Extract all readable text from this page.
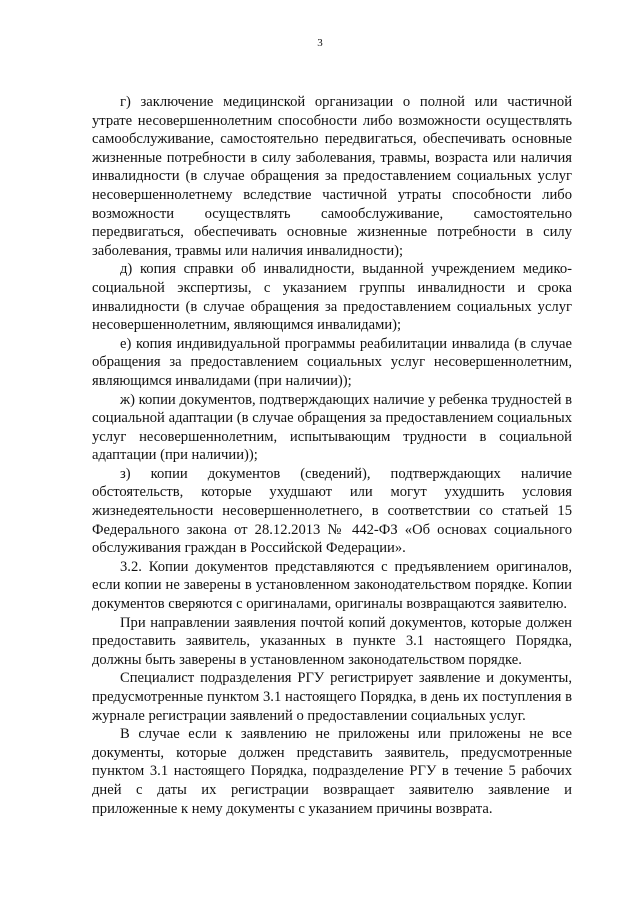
3

г) заключение медицинской организации о полной или частичной утрате несовершеннолетним способности либо возможности осуществлять самообслуживание, самостоятельно передвигаться, обеспечивать основные жизненные потребности в силу заболевания, травмы, возраста или наличия инвалидности (в случае обращения за предоставлением социальных услуг несовершеннолетнему вследствие частичной утраты способности либо возможности осуществлять самообслуживание, самостоятельно передвигаться, обеспечивать основные жизненные потребности в силу заболевания, травмы или наличия инвалидности);

д) копия справки об инвалидности, выданной учреждением медико-социальной экспертизы, с указанием группы инвалидности и срока инвалидности (в случае обращения за предоставлением социальных услуг несовершеннолетним, являющимся инвалидами);

е) копия индивидуальной программы реабилитации инвалида (в случае обращения за предоставлением социальных услуг несовершеннолетним, являющимся инвалидами (при наличии));

ж) копии документов, подтверждающих наличие у ребенка трудностей в социальной адаптации (в случае обращения за предоставлением социальных услуг несовершеннолетним, испытывающим трудности в социальной адаптации (при наличии));

з) копии документов (сведений), подтверждающих наличие обстоятельств, которые ухудшают или могут ухудшить условия жизнедеятельности несовершеннолетнего, в соответствии со статьей 15 Федерального закона от 28.12.2013 № 442-ФЗ «Об основах социального обслуживания граждан в Российской Федерации».

3.2. Копии документов представляются с предъявлением оригиналов, если копии не заверены в установленном законодательством порядке. Копии документов сверяются с оригиналами, оригиналы возвращаются заявителю.

При направлении заявления почтой копий документов, которые должен предоставить заявитель, указанных в пункте 3.1 настоящего Порядка, должны быть заверены в установленном законодательством порядке.

Специалист подразделения РГУ регистрирует заявление и документы, предусмотренные пунктом 3.1 настоящего Порядка, в день их поступления в журнале регистрации заявлений о предоставлении социальных услуг.

В случае если к заявлению не приложены или приложены не все документы, которые должен представить заявитель, предусмотренные пунктом 3.1 настоящего Порядка, подразделение РГУ в течение 5 рабочих дней с даты их регистрации возвращает заявителю заявление и приложенные к нему документы с указанием причины возврата.
